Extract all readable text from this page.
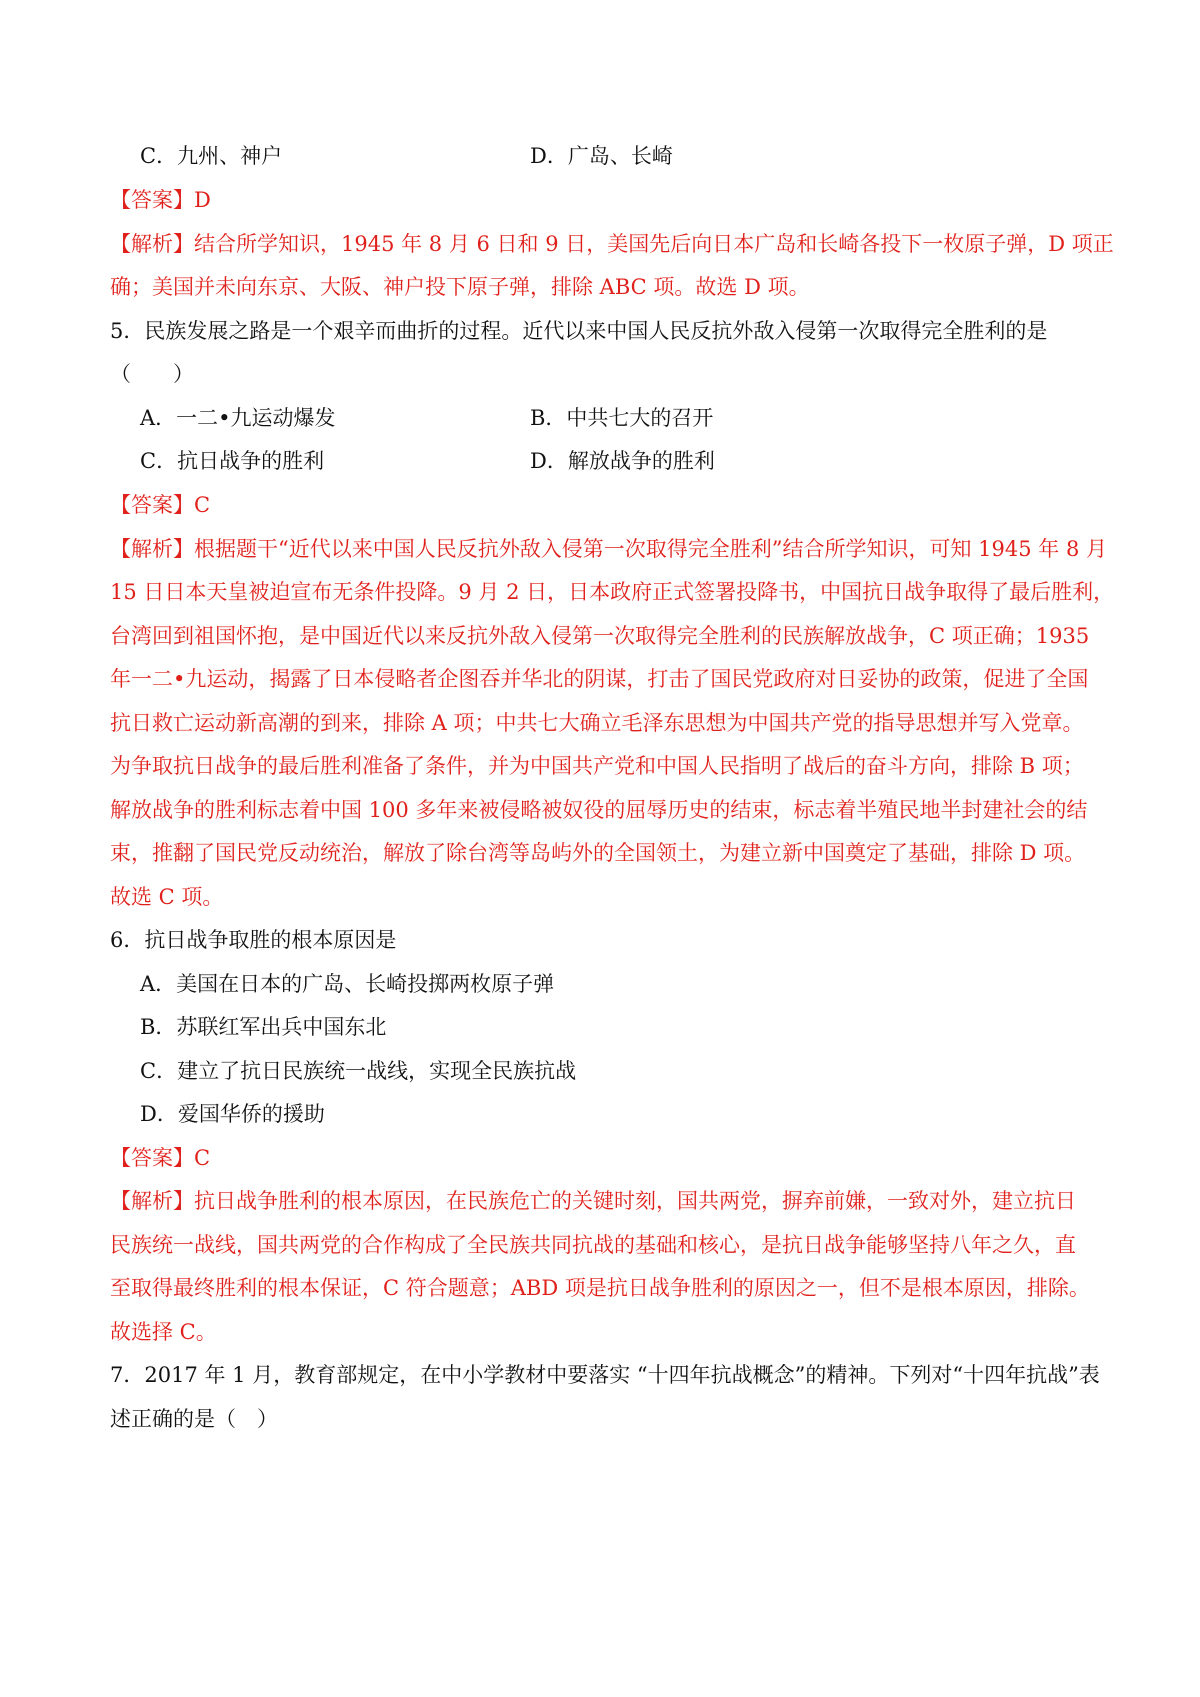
C．九州、神户	D．广岛、长崎
【答案】D
【解析】结合所学知识，1945 年 8 月 6 日和 9 日，美国先后向日本广岛和长崎各投下一枚原子弹，D 项正
确；美国并未向东京、大阪、神户投下原子弹，排除 ABC 项。故选 D 项。
5．民族发展之路是一个艰辛而曲折的过程。近代以来中国人民反抗外敌入侵第一次取得完全胜利的是
（　　）
A．一二•九运动爆发	B．中共七大的召开
C．抗日战争的胜利	D．解放战争的胜利
【答案】C
【解析】根据题干“近代以来中国人民反抗外敌入侵第一次取得完全胜利”结合所学知识，可知 1945 年 8 月
15 日日本天皇被迫宣布无条件投降。9 月 2 日，日本政府正式签署投降书，中国抗日战争取得了最后胜利，
台湾回到祖国怀抱，是中国近代以来反抗外敌入侵第一次取得完全胜利的民族解放战争，C 项正确；1935
年一二•九运动，揭露了日本侵略者企图吞并华北的阴谋，打击了国民党政府对日妥协的政策，促进了全国
抗日救亡运动新高潮的到来，排除 A 项；中共七大确立毛泽东思想为中国共产党的指导思想并写入党章。
为争取抗日战争的最后胜利准备了条件，并为中国共产党和中国人民指明了战后的奋斗方向，排除 B 项；
解放战争的胜利标志着中国 100 多年来被侵略被奴役的屈辱历史的结束，标志着半殖民地半封建社会的结
束，推翻了国民党反动统治，解放了除台湾等岛屿外的全国领土，为建立新中国奠定了基础，排除 D 项。
故选 C 项。
6．抗日战争取胜的根本原因是
A．美国在日本的广岛、长崎投掷两枚原子弹
B．苏联红军出兵中国东北
C．建立了抗日民族统一战线，实现全民族抗战
D．爱国华侨的援助
【答案】C
【解析】抗日战争胜利的根本原因，在民族危亡的关键时刻，国共两党，摒弃前嫌，一致对外，建立抗日
民族统一战线，国共两党的合作构成了全民族共同抗战的基础和核心，是抗日战争能够坚持八年之久，直
至取得最终胜利的根本保证，C 符合题意；ABD 项是抗日战争胜利的原因之一，但不是根本原因，排除。
故选择 C。
7．2017 年 1 月，教育部规定，在中小学教材中要落实 “十四年抗战概念”的精神。下列对“十四年抗战”表
述正确的是（　）
